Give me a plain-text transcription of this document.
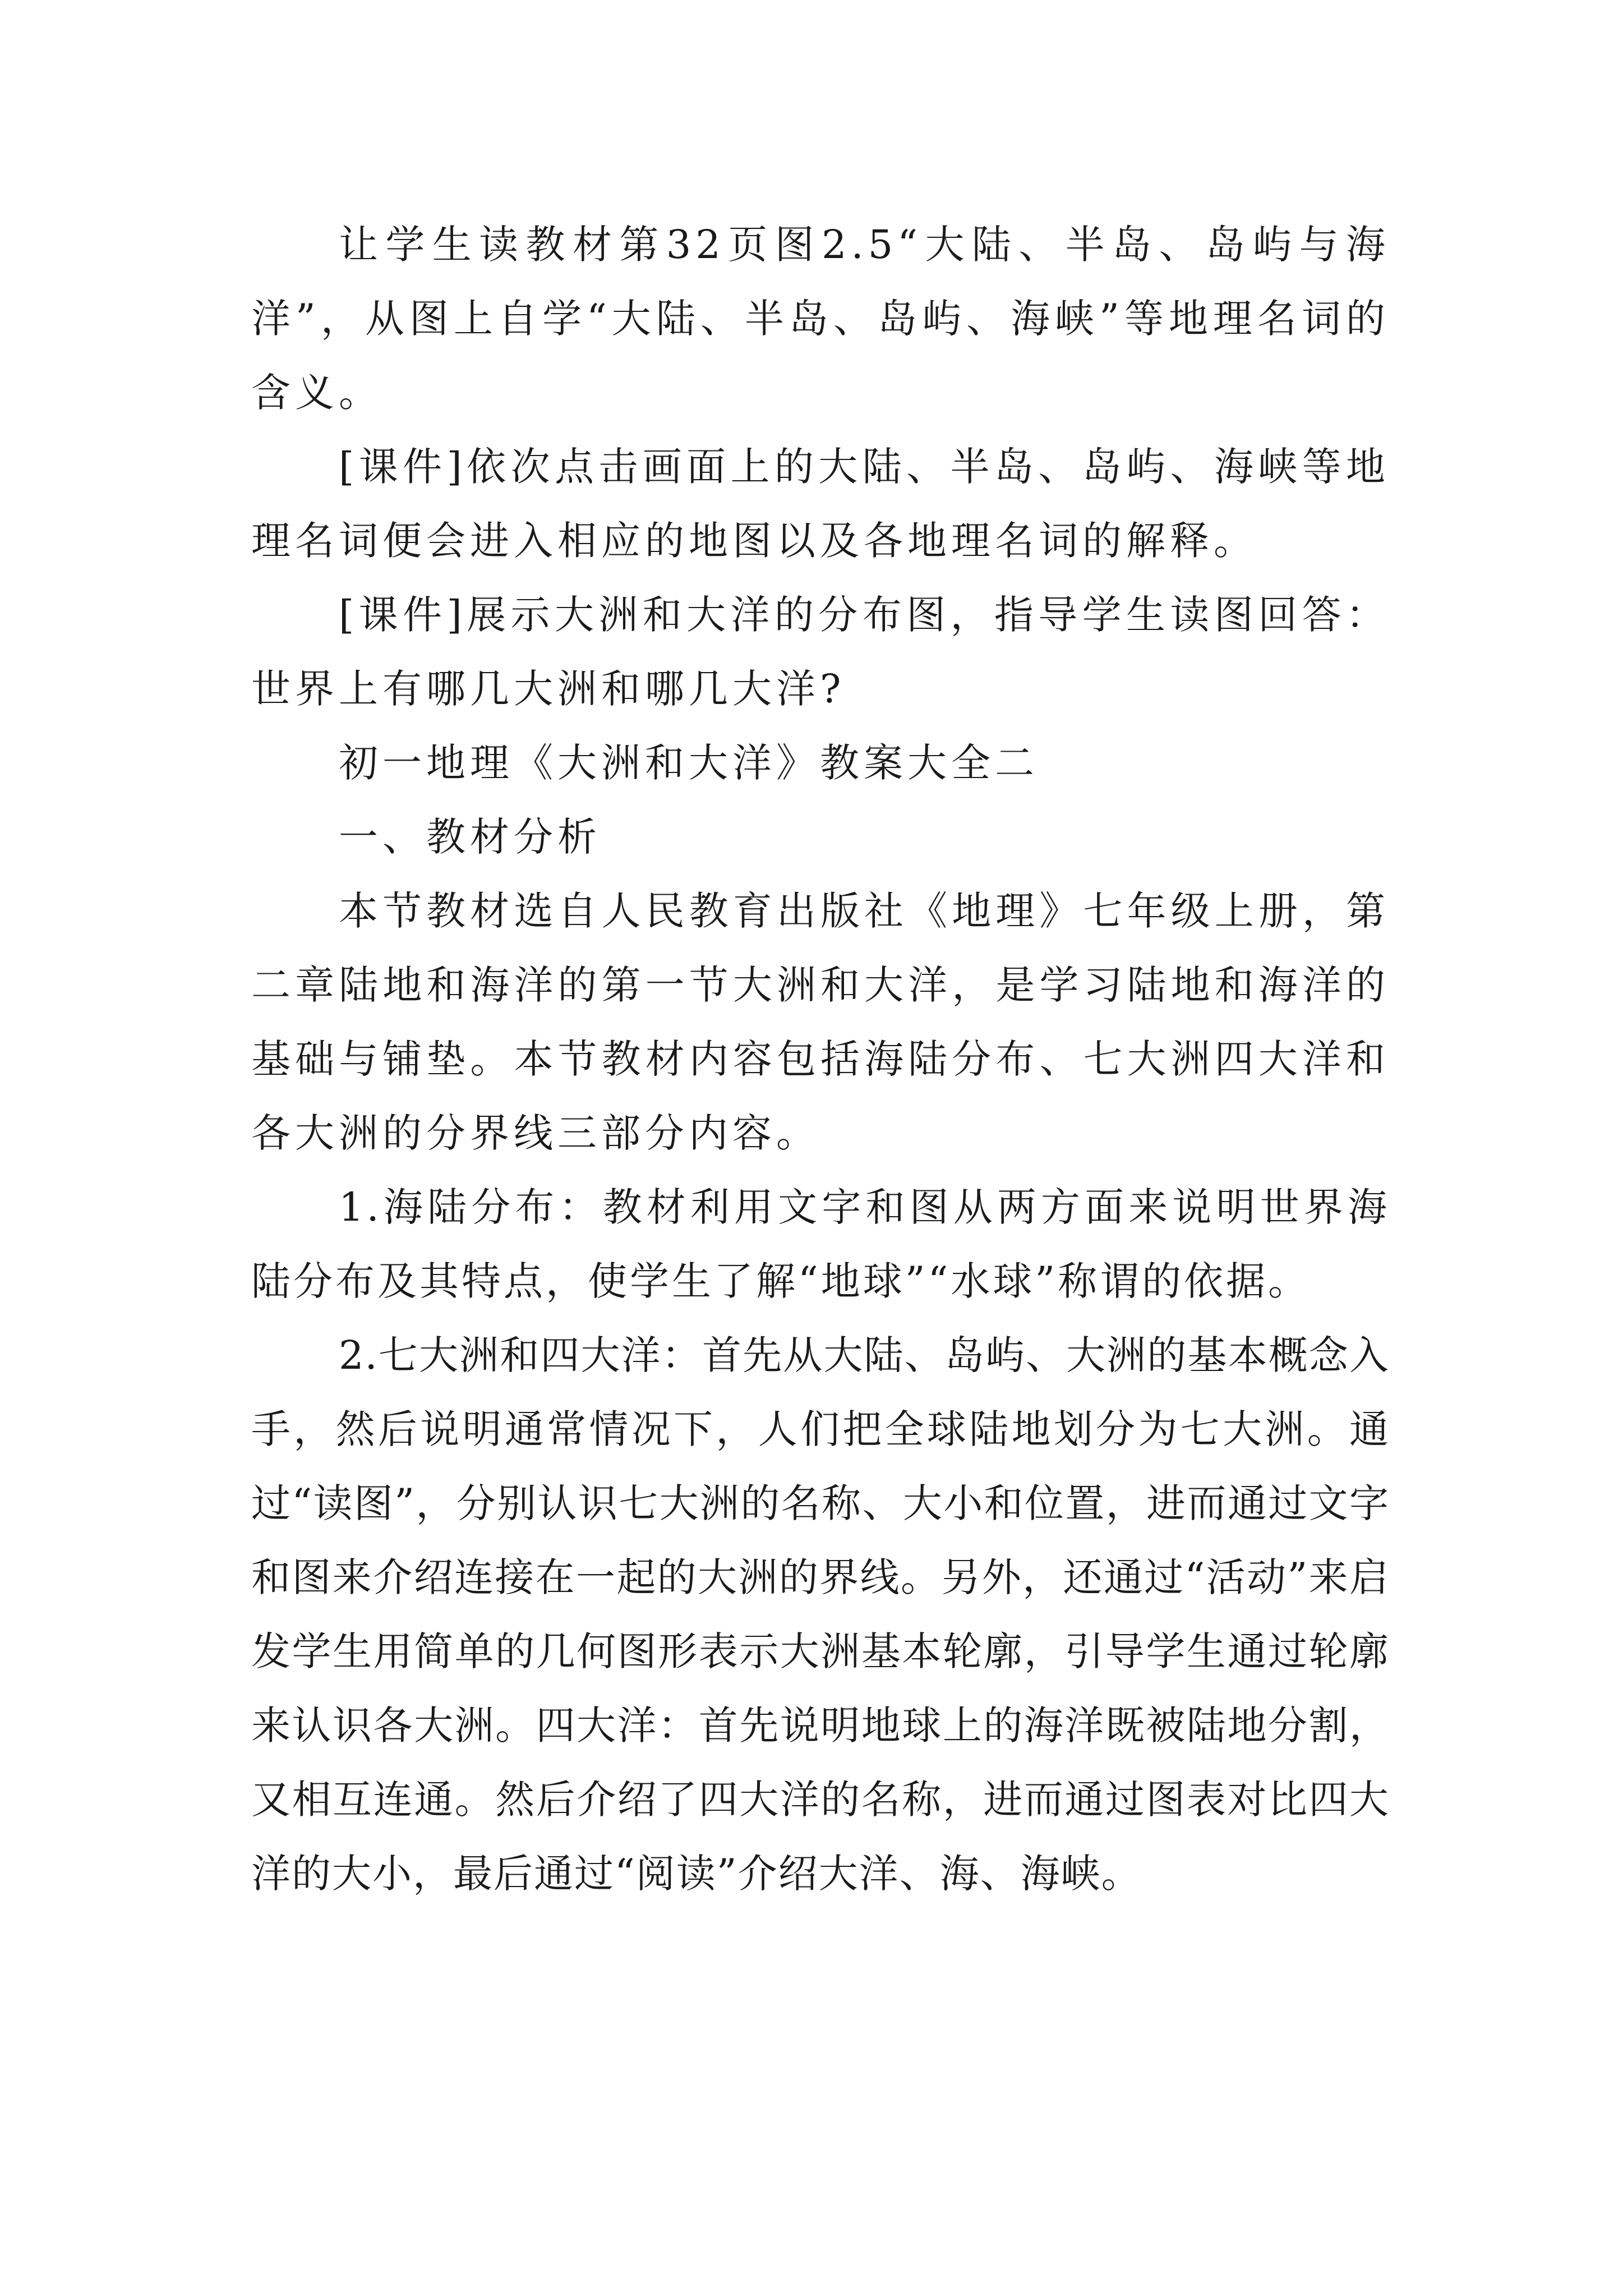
让学生读教材第32页图2.5“大陆、半岛、岛屿与海洋”，从图上自学“大陆、半岛、岛屿、海峡”等地理名词的含义。

[课件]依次点击画面上的大陆、半岛、岛屿、海峡等地理名词便会进入相应的地图以及各地理名词的解释。

[课件]展示大洲和大洋的分布图，指导学生读图回答：世界上有哪几大洲和哪几大洋?

初一地理《大洲和大洋》教案大全二

一、教材分析

本节教材选自人民教育出版社《地理》七年级上册，第二章陆地和海洋的第一节大洲和大洋，是学习陆地和海洋的基础与铺垫。本节教材内容包括海陆分布、七大洲四大洋和各大洲的分界线三部分内容。

1.海陆分布：教材利用文字和图从两方面来说明世界海陆分布及其特点，使学生了解“地球”“水球”称谓的依据。

2.七大洲和四大洋：首先从大陆、岛屿、大洲的基本概念入手，然后说明通常情况下，人们把全球陆地划分为七大洲。通过“读图”，分别认识七大洲的名称、大小和位置，进而通过文字和图来介绍连接在一起的大洲的界线。另外，还通过“活动”来启发学生用简单的几何图形表示大洲基本轮廓，引导学生通过轮廓来认识各大洲。四大洋：首先说明地球上的海洋既被陆地分割，又相互连通。然后介绍了四大洋的名称，进而通过图表对比四大洋的大小，最后通过“阅读”介绍大洋、海、海峡。
